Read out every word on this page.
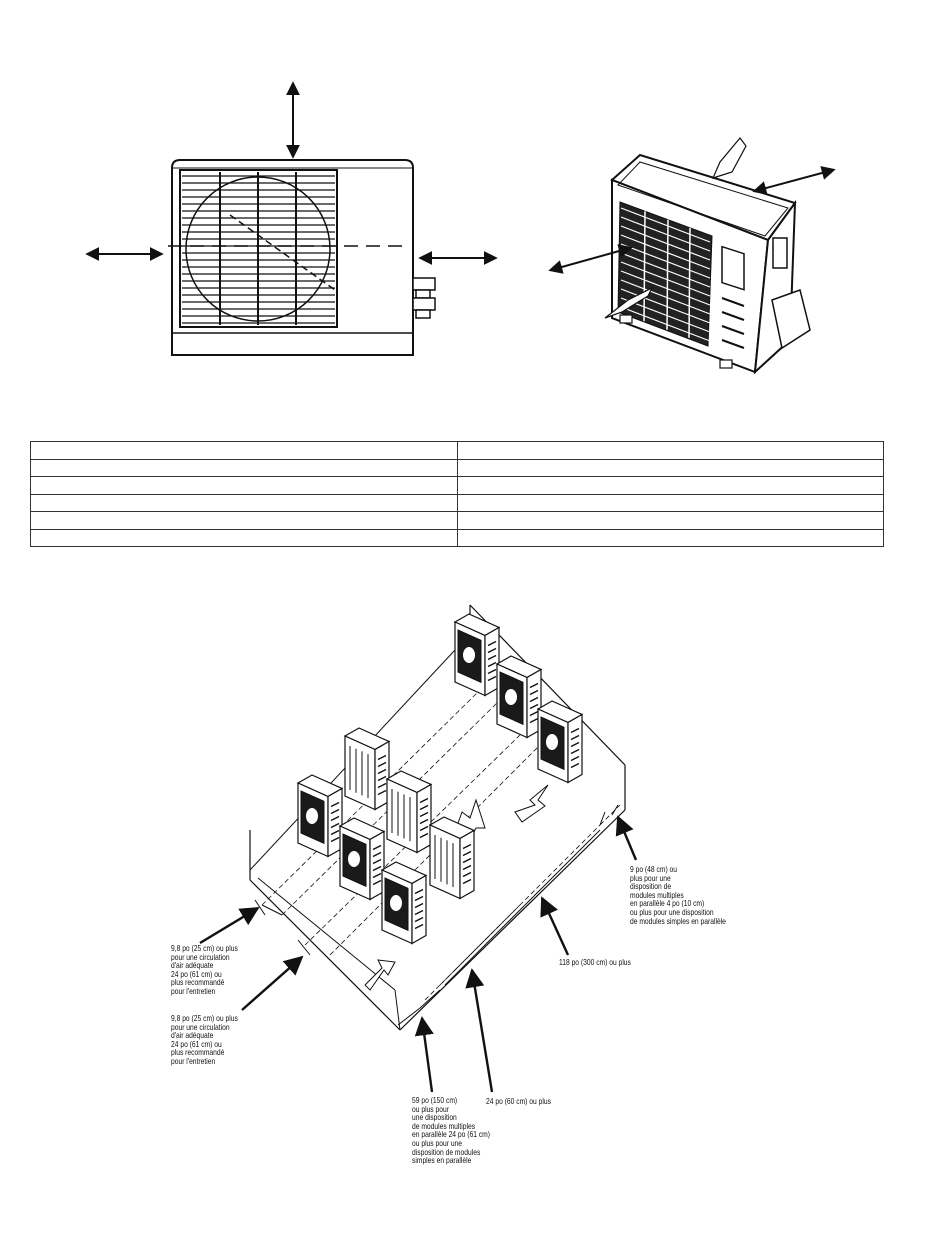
9,8 po (25 cm) ou plus
pour une circulation
d'air adéquate
24 po (61 cm) ou
plus recommandé
pour l'entretien
9,8 po (25 cm) ou plus
pour une circulation
d'air adéquate
24 po (61 cm) ou
plus recommandé
pour l'entretien
9 po (48 cm) ou
plus pour une
disposition de
modules multiples
en parallèle 4 po (10 cm)
ou plus pour une disposition
de modules simples en parallèle
118 po (300 cm) ou plus
24 po (60 cm) ou plus
59 po (150 cm)
ou plus pour
une disposition
de modules multiples
en parallèle 24 po (61 cm)
ou plus pour une
disposition de modules
simples en parallèle
